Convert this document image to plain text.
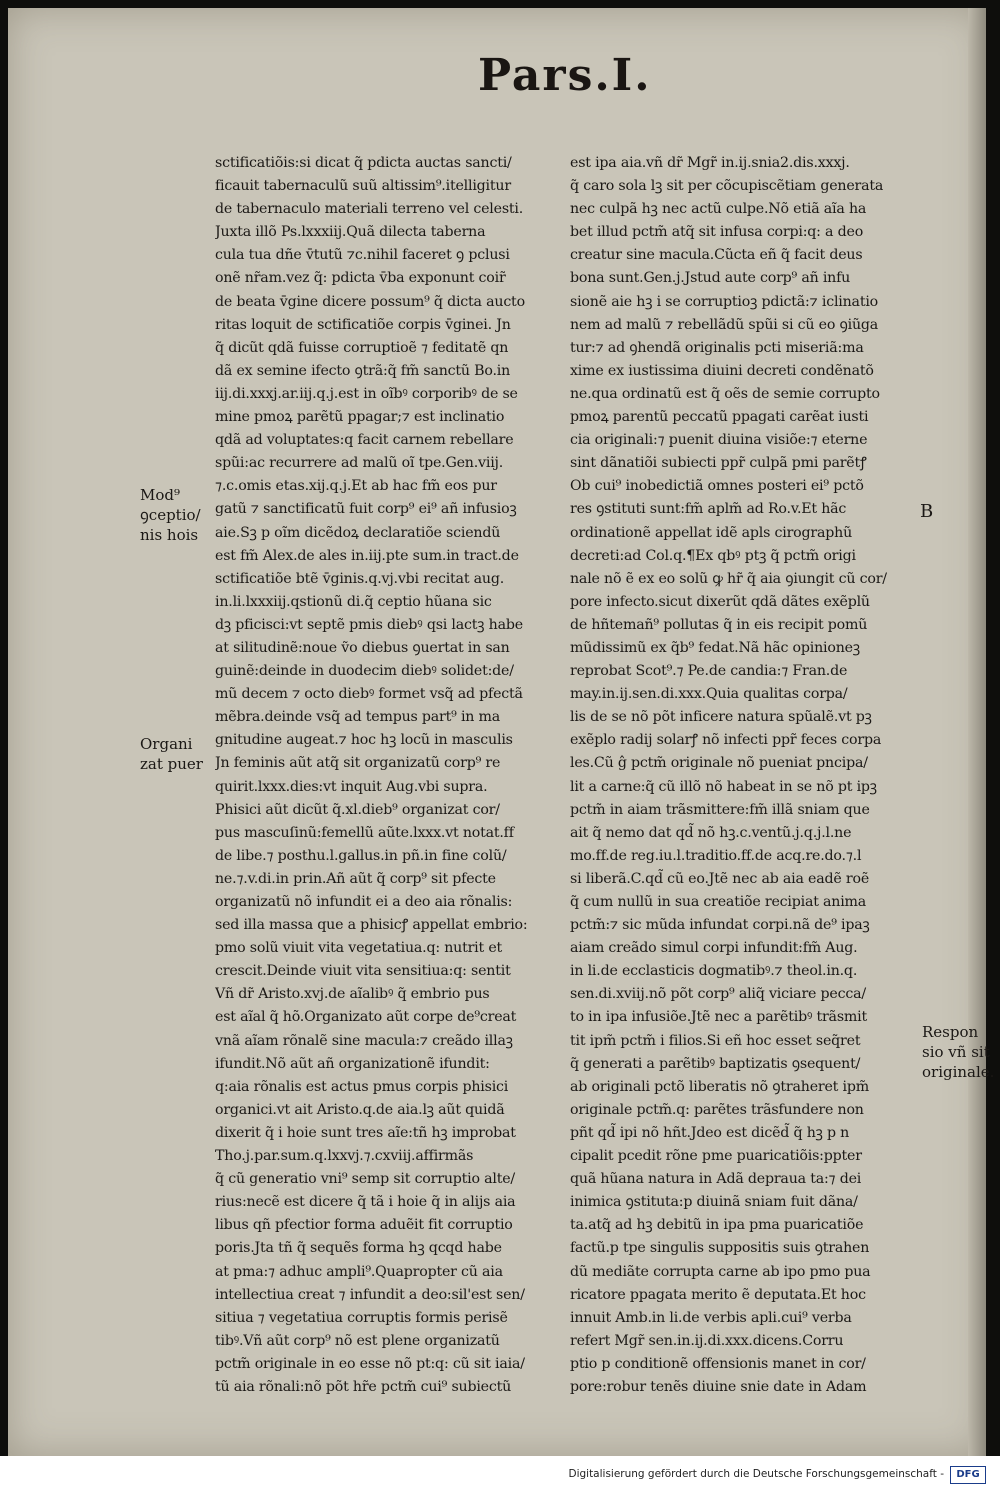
Pars.I.
sctificatiõis:si dicat q̃ pdicta auctas sancti/
ficauit tabernaculũ suũ altissim⁹.itelligitur
de tabernaculo materiali terreno vel celesti.
Juxta illõ Ps.lxxxiij.Quã dilecta taberna
cula tua dñe v̄tutũ ⁊c.nihil faceret ꝯ pclusi
onẽ nr̃am.vez q̃: pdicta v̄ba exponunt coir̃
de beata v̄gine dicere possum⁹ q̃ dicta aucto
ritas loquit de sctificatiõe corpis v̄ginei. Jn
q̃ dicũt qdã fuisse corruptioẽ ⁊ feditatẽ qn
dã ex semine ifecto ꝯtrã:q̃ fm̃ sanctũ Bo.in
iij.di.xxxj.ar.iij.q.j.est in oĩbꝰ corporibꝰ de se
mine pmoꝝ parẽtũ ppagar;⁊ est inclinatio
qdã ad voluptates:q facit carnem rebellare
spũi:ac recurrere ad malũ oĩ tpe.Gen.viij.
⁊.c.omis etas.xij.q.j.Et ab hac fm̃ eos pur
gatũ ⁊ sanctificatũ fuit corp⁹ ei⁹ añ infusioꝫ
aie.Sꝫ p oĩm dicẽdoꝝ declaratiõe sciendũ
est fm̃ Alex.de ales in.iij.pte sum.in tract.de
sctificatiõe btẽ v̄ginis.q.vj.vbi recitat aug.
in.li.lxxxiij.qstionũ di.q̃ ceptio hũana sic
dꝫ pficisci:vt septẽ pmis diebꝰ qsi lactꝫ habe
at silitudinẽ:noue ṽo diebus ꝯuertat in san
guinẽ:deinde in duodecim diebꝰ solidet:de/
mũ decem ⁊ octo diebꝰ formet vsq̃ ad pfectã
mẽbra.deinde vsq̃ ad tempus part⁹ in ma
gnitudine augeat.⁊ hoc hꝫ locũ in masculis
Jn feminis aũt atq̃ sit organizatũ corp⁹ re
quirit.lxxx.dies:vt inquit Aug.vbi supra.
Phisici aũt dicũt q̃.xl.dieb⁹ organizat cor/
pus mascuſinũ:femellũ aũte.lxxx.vt notat.ff
de libe.⁊ posthu.l.gallus.in pñ.in fine colũ/
ne.⁊.v.di.in prin.Añ aũt q̃ corp⁹ sit pfecte
organizatũ nõ infundit ei a deo aia rõnalis:
sed illa massa que a phisicꝭ appellat embrio:
pmo solũ viuit vita vegetatiua.q: nutrit et
crescit.Deinde viuit vita sensitiua:q: sentit
Vñ dr̃ Aristo.xvj.de aĩalibꝰ q̃ embrio pus
est aĩal q̃ hõ.Organizato aũt corpe de⁹creat
vnã aĩam rõnalẽ sine macula:⁊ creãdo illaꝫ
ifundit.Nõ aũt añ organizationẽ ifundit:
q:aia rõnalis est actus pmus corpis phisici
organici.vt ait Aristo.q.de aia.lꝫ aũt quidã
dixerit q̃ i hoie sunt tres aĩe:tñ hꝫ improbat
Tho.j.par.sum.q.lxxvj.⁊.cxviij.affirmãs
q̃ cũ generatio vni⁹ semp sit corruptio alte/
rius:necẽ est dicere q̃ tã i hoie q̃ in alijs aia
libus qñ pfectior forma aduẽit fit corruptio
poris.Jta tñ q̃ sequẽs forma hꝫ qcqd habe
at pma:⁊ adhuc ampli⁹.Quapropter cũ aia
intellectiua creat ⁊ infundit a deo:sil'est sen/
sitiua ⁊ vegetatiua corruptis formis perisẽ
tibꝰ.Vñ aũt corp⁹ nõ est plene organizatũ
pctm̃ originale in eo esse nõ pt:q: cũ sit iaia/
tũ aia rõnali:nõ põt hr̃e pctm̃ cui⁹ subiectũ
est ipa aia.vñ dr̃ Mgr̃ in.ij.snia2.dis.xxxj.
q̃ caro sola lꝫ sit per cõcupiscẽtiam generata
nec culpã hꝫ nec actũ culpe.Nõ etiã aĩa ha
bet illud pctm̃ atq̃ sit infusa corpi:q: a deo
creatur sine macula.Cũcta eñ q̃ facit deus
bona sunt.Gen.j.Jstud aute corp⁹ añ infu
sionẽ aie hꝫ i se corruptioꝫ pdictã:⁊ iclinatio
nem ad malũ ⁊ rebellãdũ spũi si cũ eo ꝯiũga
tur:⁊ ad ꝯhendã originalis pcti miseriã:ma
xime ex iustissima diuini decreti condẽnatõ
ne.qua ordinatũ est q̃ oẽs de semie corrupto
pmoꝝ parentũ peccatũ ppagati carẽat iusti
cia originali:⁊ puenit diuina visiõe:⁊ eterne
sint dãnatiõi subiecti ppr̃ culpã pmi parẽtꝭ
Ob cui⁹ inobedictiã omnes posteri ei⁹ pctõ
res ꝯstituti sunt:fm̃ aplm̃ ad Ro.v.Et hãc
ordinationẽ appellat idẽ apls cirographũ
decreti:ad Col.q.¶Ex qbꝰ ptꝫ q̃ pctm̃ origi
nale nõ ẽ ex eo solũ ꝙ hr̃ q̃ aia ꝯiungit cũ cor/
pore infecto.sicut dixerũt qdã dãtes exẽplũ
de hñtemañ⁹ pollutas q̃ in eis recipit pomũ
mũdissimũ ex q̃b⁹ fedat.Nã hãc opinioneꝫ
reprobat Scot⁹.⁊ Pe.de candia:⁊ Fran.de
may.in.ij.sen.di.xxx.Quia qualitas corpa/
lis de se nõ põt inficere natura spũalẽ.vt pꝫ
exẽplo radij solarꝭ nõ infecti ppr̃ feces corpa
les.Cũ ĝ pctm̃ originale nõ pueniat pncipa/
lit a carne:q̃ cũ illõ nõ habeat in se nõ pt ipꝫ
pctm̃ in aiam trãsmittere:fm̃ illã sniam que
ait q̃ nemo dat qd̃ nõ hꝫ.c.ventũ.j.q.j.l.ne
mo.ff.de reg.iu.l.traditio.ff.de acq.re.do.⁊.l
si liberã.C.qd̃ cũ eo.Jtẽ nec ab aia eadẽ roẽ
q̃ cum nullũ in sua creatiõe recipiat anima
pctm̃:⁊ sic mũda infundat corpi.nã de⁹ ipaꝫ
aiam creãdo simul corpi infundit:fm̃ Aug.
in li.de ecclasticis dogmatibꝰ.⁊ theol.in.q.
sen.di.xviij.nõ põt corp⁹ aliq̃ viciare pecca/
to in ipa infusiõe.Jtẽ nec a parẽtibꝰ trãsmit
tit ipm̃ pctm̃ i filios.Si eñ hoc esset seq̃ret
q̃ generati a parẽtibꝰ baptizatis ꝯsequent/
ab originali pctõ liberatis nõ ꝯtraheret ipm̃
originale pctm̃.q: parẽtes trãsfundere non
pñt qd̃ ipi nõ hñt.Jdeo est dicẽd̃ q̃ hꝫ p n
cipalit pcedit rõne pme puaricatiõis:ppter
quã hũana natura in Adã depraua ta:⁊ dei
inimica ꝯstituta:p diuinã sniam fuit dãna/
ta.atq̃ ad hꝫ debitũ in ipa pma puaricatiõe
factũ.p tpe singulis suppositis suis ꝯtrahen
dũ mediãte corrupta carne ab ipo pmo pua
ricatore ppagata merito ẽ deputata.Et hoc
innuit Amb.in li.de verbis apli.cui⁹ verba
refert Mgr̃ sen.in.ij.di.xxx.dicens.Corru
ptio p conditionẽ offensionis manet in cor/
pore:robur tenẽs diuine snie date in Adam
Mod⁹
ꝯceptio/
nis hois
Organi
zat puer
Respon
sio vñ sit
originale.
B
Digitalisierung gefördert durch die Deutsche Forschungsgemeinschaft -	DFG
